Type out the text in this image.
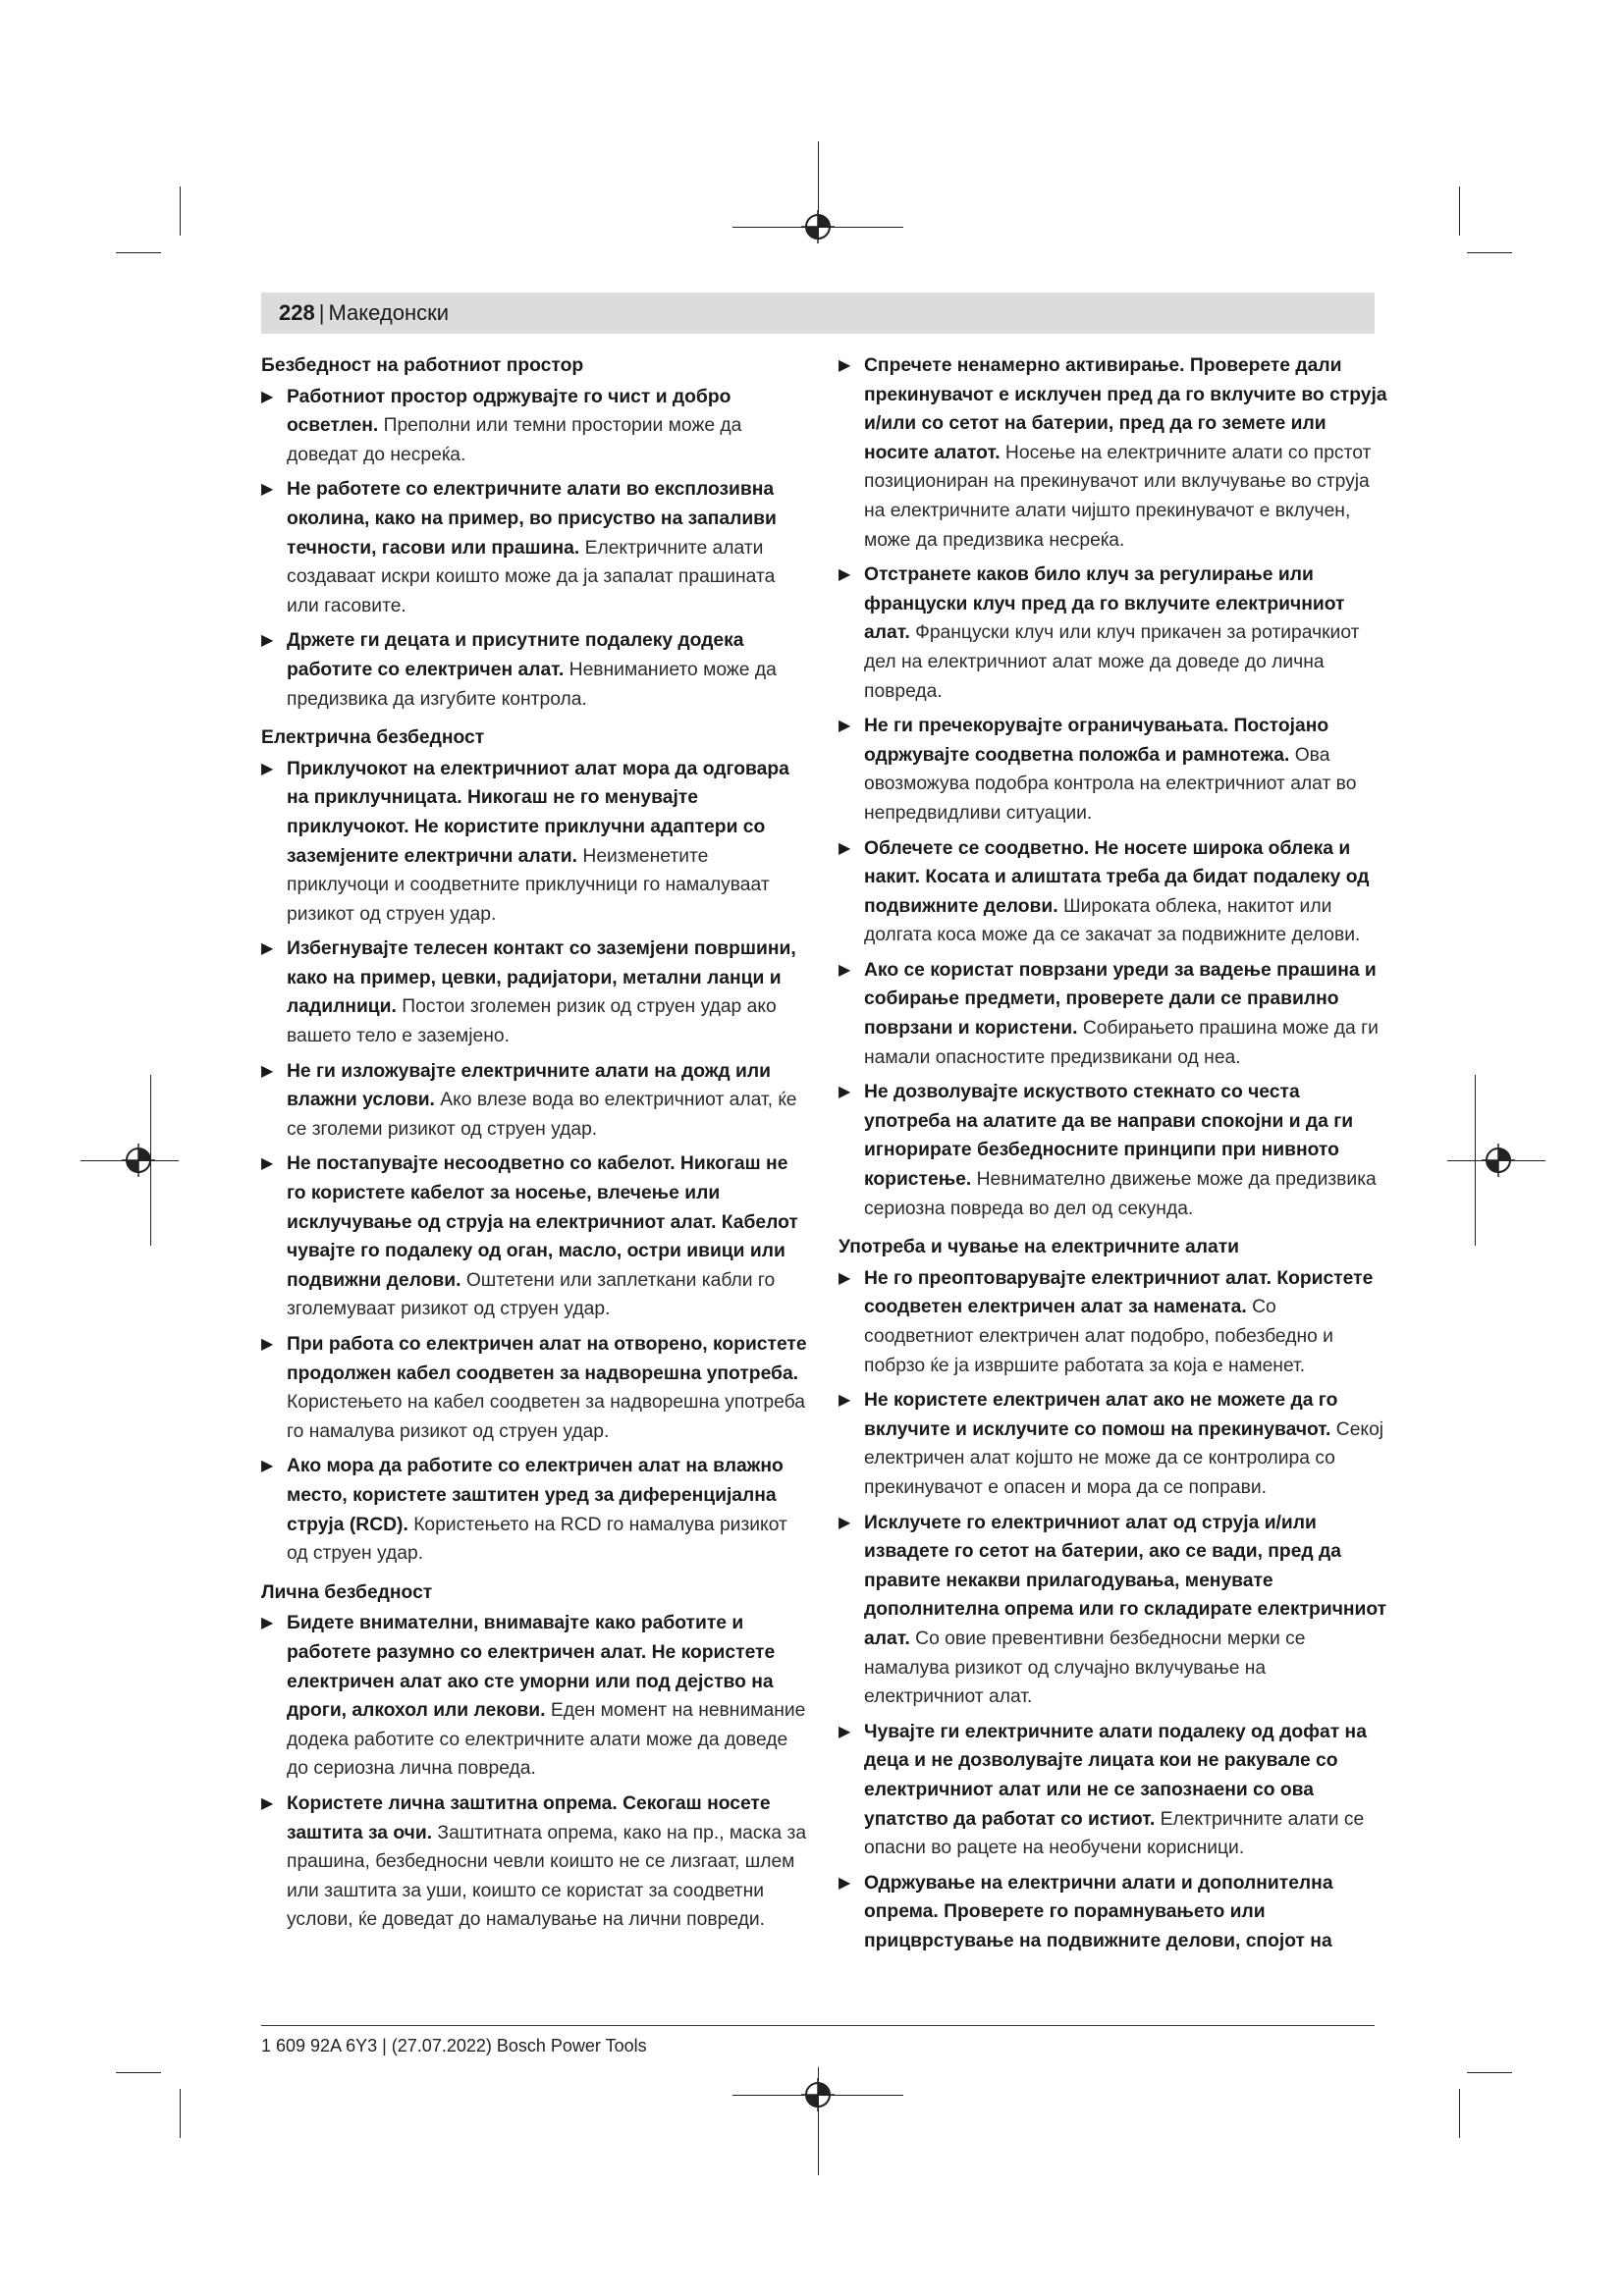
228 | Македонски
Безбедност на работниот простор
▶ Работниот простор одржувајте го чист и добро осветлен. Преполни или темни простории може да доведат до несреќа.
▶ Не работете со електричните алати во експлозивна околина, како на пример, во присуство на запаливи течности, гасови или прашина. Електричните алати создаваат искри коишто може да ја запалат прашината или гасовите.
▶ Држете ги децата и присутните подалеку додека работите со електричен алат. Невниманието може да предизвика да изгубите контрола.
Електрична безбедност
▶ Приклучокот на електричниот алат мора да одговара на приклучницата. Никогаш не го менувајте приклучокот. Не користите приклучни адаптери со заземјените електрични алати. Неизменетите приклучоци и соодветните приклучници го намалуваат ризикот од струен удар.
▶ Избегнувајте телесен контакт со заземјени површини, како на пример, цевки, радијатори, метални ланци и ладилници. Постои зголемен ризик од струен удар ако вашето тело е заземјено.
▶ Не ги изложувајте електричните алати на дожд или влажни услови. Ако влезе вода во електричниот алат, ќе се зголеми ризикот од струен удар.
▶ Не постапувајте несоодветно со кабелот. Никогаш не го користете кабелот за носење, влечење или исклучување од струја на електричниот алат. Кабелот чувајте го подалеку од оган, масло, остри ивици или подвижни делови. Оштетени или заплеткани кабли го зголемуваат ризикот од струен удар.
▶ При работа со електричен алат на отворено, користете продолжен кабел соодветен за надворешна употреба. Користењето на кабел соодветен за надворешна употреба го намалува ризикот од струен удар.
▶ Ако мора да работите со електричен алат на влажно место, користете заштитен уред за диференцијална струја (RCD). Користењето на RCD го намалува ризикот од струен удар.
Лична безбедност
▶ Бидете внимателни, внимавајте како работите и работете разумно со електричен алат. Не користете електричен алат ако сте уморни или под дејство на дроги, алкохол или лекови. Еден момент на невнимание додека работите со електричните алати може да доведе до сериозна лична повреда.
▶ Користете лична заштитна опрема. Секогаш носете заштита за очи. Заштитната опрема, како на пр., маска за прашина, безбедносни чевли коишто не се лизгаат, шлем или заштита за уши, коишто се користат за соодветни услови, ќе доведат до намалување на лични повреди.
▶ Спречете ненамерно активирање. Проверете дали прекинувачот е исклучен пред да го вклучите во струја и/или со сетот на батерии, пред да го земете или носите алатот. Носење на електричните алати со прстот позициониран на прекинувачот или вклучување во струја на електричните алати чијшто прекинувачот е вклучен, може да предизвика несреќа.
▶ Отстранете каков било клуч за регулирање или француски клуч пред да го вклучите електричниот алат. Француски клуч или клуч прикачен за ротирачкиот дел на електричниот алат може да доведе до лична повреда.
▶ Не ги пречекорувајте ограничувањата. Постојано одржувајте соодветна положба и рамнотежа. Ова овозможува подобра контрола на електричниот алат во непредвидливи ситуации.
▶ Облечете се соодветно. Не носете широка облека и накит. Косата и алиштата треба да бидат подалеку од подвижните делови. Широката облека, накитот или долгата коса може да се закачат за подвижните делови.
▶ Ако се користат поврзани уреди за вадење прашина и собирање предмети, проверете дали се правилно поврзани и користени. Собирањето прашина може да ги намали опасностите предизвикани од неа.
▶ Не дозволувајте искуството стекнато со честа употреба на алатите да ве направи спокојни и да ги игнорирате безбедносните принципи при нивното користење. Невнимателно движење може да предизвика сериозна повреда во дел од секунда.
Употреба и чување на електричните алати
▶ Не го преоптоварувајте електричниот алат. Користете соодветен електричен алат за намената. Со соодветниот електричен алат подобро, побезбедно и побрзо ќе ја извршите работата за која е наменет.
▶ Не користете електричен алат ако не можете да го вклучите и исклучите со помош на прекинувачот. Секој електричен алат којшто не може да се контролира со прекинувачот е опасен и мора да се поправи.
▶ Исклучете го електричниот алат од струја и/или извадете го сетот на батерии, ако се вади, пред да правите некакви прилагодувања, менувате дополнителна опрема или го складирате електричниот алат. Со овие превентивни безбедносни мерки се намалува ризикот од случајно вклучување на електричниот алат.
▶ Чувајте ги електричните алати подалеку од дофат на деца и не дозволувајте лицата кои не ракувале со електричниот алат или не се запознаени со ова упатство да работат со истиот. Електричните алати се опасни во рацете на необучени корисници.
▶ Одржување на електрични алати и дополнителна опрема. Проверете го порамнувањето или прицврстување на подвижните делови, спојот на
1 609 92A 6Y3 | (27.07.2022) Bosch Power Tools
